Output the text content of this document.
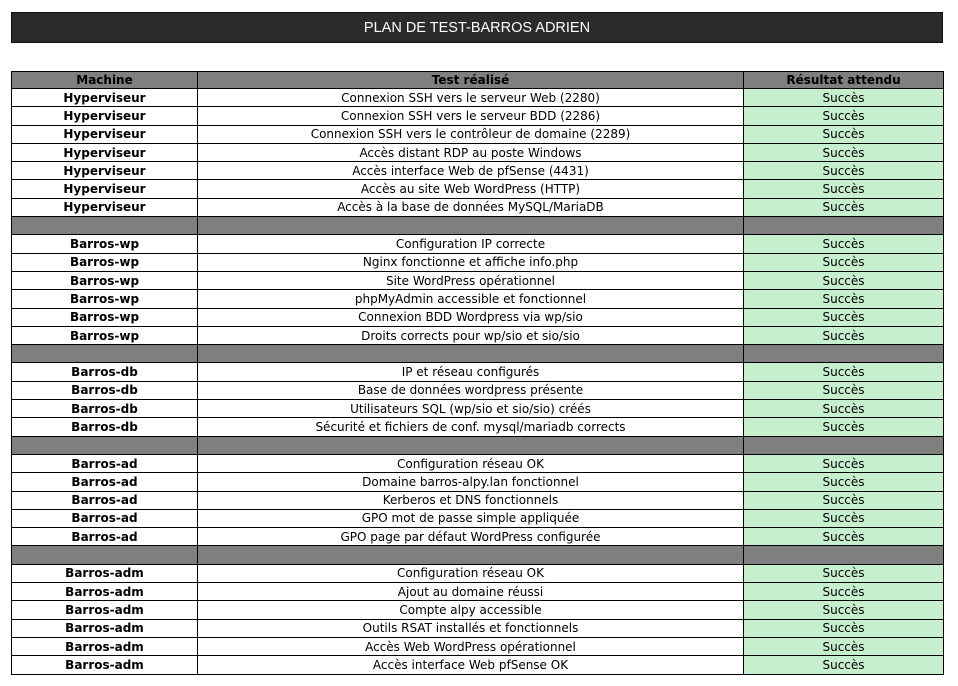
PLAN DE TEST-BARROS ADRIEN
Machine	Test réalisé	Résultat attendu
Hyperviseur	Connexion SSH vers le serveur Web (2280)	Succès
Hyperviseur	Connexion SSH vers le serveur BDD (2286)	Succès
Hyperviseur	Connexion SSH vers le contrôleur de domaine (2289)	Succès
Hyperviseur	Accès distant RDP au poste Windows	Succès
Hyperviseur	Accès interface Web de pfSense (4431)	Succès
Hyperviseur	Accès au site Web WordPress (HTTP)	Succès
Hyperviseur	Accès à la base de données MySQL/MariaDB	Succès

Barros-wp	Configuration IP correcte	Succès
Barros-wp	Nginx fonctionne et affiche info.php	Succès
Barros-wp	Site WordPress opérationnel	Succès
Barros-wp	phpMyAdmin accessible et fonctionnel	Succès
Barros-wp	Connexion BDD Wordpress via wp/sio	Succès
Barros-wp	Droits corrects pour wp/sio et sio/sio	Succès

Barros-db	IP et réseau configurés	Succès
Barros-db	Base de données wordpress présente	Succès
Barros-db	Utilisateurs SQL (wp/sio et sio/sio) créés	Succès
Barros-db	Sécurité et fichiers de conf. mysql/mariadb corrects	Succès

Barros-ad	Configuration réseau OK	Succès
Barros-ad	Domaine barros-alpy.lan fonctionnel	Succès
Barros-ad	Kerberos et DNS fonctionnels	Succès
Barros-ad	GPO mot de passe simple appliquée	Succès
Barros-ad	GPO page par défaut WordPress configurée	Succès

Barros-adm	Configuration réseau OK	Succès
Barros-adm	Ajout au domaine réussi	Succès
Barros-adm	Compte alpy accessible	Succès
Barros-adm	Outils RSAT installés et fonctionnels	Succès
Barros-adm	Accès Web WordPress opérationnel	Succès
Barros-adm	Accès interface Web pfSense OK	Succès
